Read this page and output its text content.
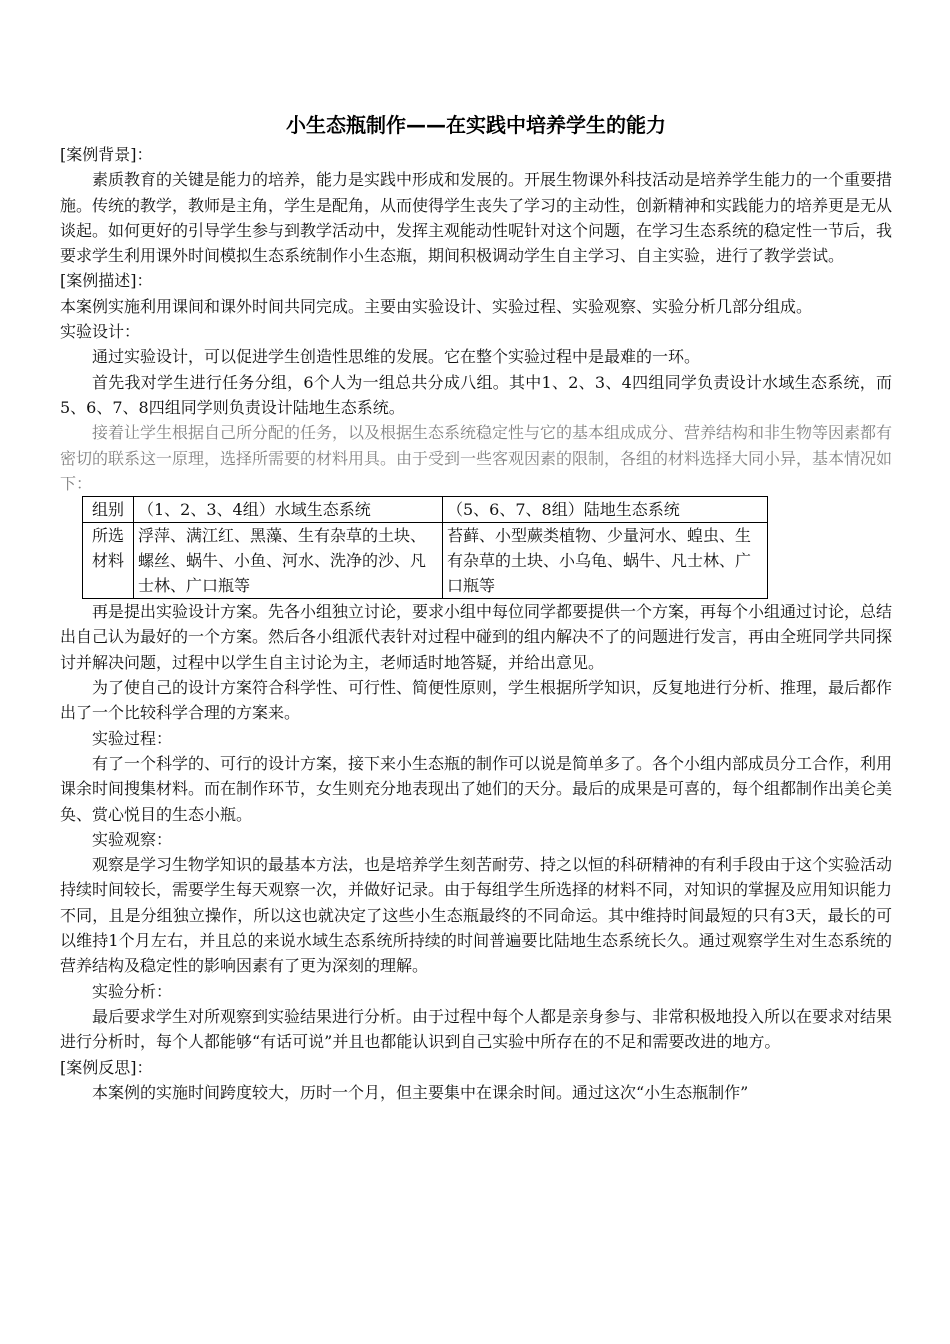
小生态瓶制作——在实践中培养学生的能力

[案例背景]：

素质教育的关键是能力的培养，能力是实践中形成和发展的。开展生物课外科技活动是培养学生能力的一个重要措施。传统的教学，教师是主角，学生是配角，从而使得学生丧失了学习的主动性，创新精神和实践能力的培养更是无从谈起。如何更好的引导学生参与到教学活动中，发挥主观能动性呢针对这个问题，在学习生态系统的稳定性一节后，我要求学生利用课外时间模拟生态系统制作小生态瓶，期间积极调动学生自主学习、自主实验，进行了教学尝试。

[案例描述]：

本案例实施利用课间和课外时间共同完成。主要由实验设计、实验过程、实验观察、实验分析几部分组成。

实验设计：

通过实验设计，可以促进学生创造性思维的发展。它在整个实验过程中是最难的一环。

首先我对学生进行任务分组，6个人为一组总共分成八组。其中1、2、3、4四组同学负责设计水域生态系统，而5、6、7、8四组同学则负责设计陆地生态系统。

接着让学生根据自己所分配的任务，以及根据生态系统稳定性与它的基本组成成分、营养结构和非生物等因素都有密切的联系这一原理，选择所需要的材料用具。由于受到一些客观因素的限制，各组的材料选择大同小异，基本情况如下：

组别	（1、2、3、4组）水域生态系统	（5、6、7、8组）陆地生态系统
所选材料	浮萍、满江红、黑藻、生有杂草的土块、螺丝、蜗牛、小鱼、河水、洗净的沙、凡士林、广口瓶等	苔藓、小型蕨类植物、少量河水、蝗虫、生有杂草的土块、小乌龟、蜗牛、凡士林、广口瓶等

再是提出实验设计方案。先各小组独立讨论，要求小组中每位同学都要提供一个方案，再每个小组通过讨论，总结出自己认为最好的一个方案。然后各小组派代表针对过程中碰到的组内解决不了的问题进行发言，再由全班同学共同探讨并解决问题，过程中以学生自主讨论为主，老师适时地答疑，并给出意见。

为了使自己的设计方案符合科学性、可行性、简便性原则，学生根据所学知识，反复地进行分析、推理，最后都作出了一个比较科学合理的方案来。

实验过程：

有了一个科学的、可行的设计方案，接下来小生态瓶的制作可以说是简单多了。各个小组内部成员分工合作，利用课余时间搜集材料。而在制作环节，女生则充分地表现出了她们的天分。最后的成果是可喜的，每个组都制作出美仑美奂、赏心悦目的生态小瓶。

实验观察：

观察是学习生物学知识的最基本方法，也是培养学生刻苦耐劳、持之以恒的科研精神的有利手段由于这个实验活动持续时间较长，需要学生每天观察一次，并做好记录。由于每组学生所选择的材料不同，对知识的掌握及应用知识能力不同，且是分组独立操作，所以这也就决定了这些小生态瓶最终的不同命运。其中维持时间最短的只有3天，最长的可以维持1个月左右，并且总的来说水域生态系统所持续的时间普遍要比陆地生态系统长久。通过观察学生对生态系统的营养结构及稳定性的影响因素有了更为深刻的理解。

实验分析：

最后要求学生对所观察到实验结果进行分析。由于过程中每个人都是亲身参与、非常积极地投入所以在要求对结果进行分析时，每个人都能够“有话可说”并且也都能认识到自己实验中所存在的不足和需要改进的地方。

[案例反思]：

本案例的实施时间跨度较大，历时一个月，但主要集中在课余时间。通过这次“小生态瓶制作”
